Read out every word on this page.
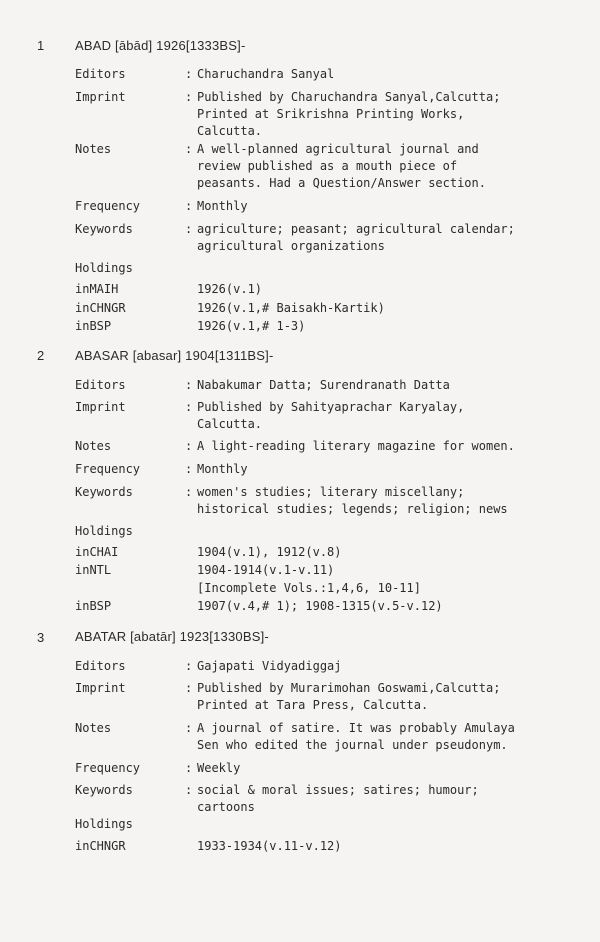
1 ABAD [ābād] 1926[1333BS]-
Editors	: Charuchandra Sanyal
Imprint	: Published by Charuchandra Sanyal,Calcutta;
Printed at Srikrishna Printing Works,
Calcutta.
Notes	: A well-planned agricultural journal and
review published as a mouth piece of
peasants. Had a Question/Answer section.
Frequency	: Monthly
Keywords	: agriculture; peasant; agricultural calendar;
agricultural organizations
Holdings
inMAIH	1926(v.1)
inCHNGR	1926(v.1,# Baisakh-Kartik)
inBSP	1926(v.1,# 1-3)
2 ABASAR [abasar] 1904[1311BS]-
Editors	: Nabakumar Datta; Surendranath Datta
Imprint	: Published by Sahityaprachar Karyalay,
Calcutta.
Notes	: A light-reading literary magazine for women.
Frequency	: Monthly
Keywords	: women's studies; literary miscellany;
historical studies; legends; religion; news
Holdings
inCHAI	1904(v.1), 1912(v.8)
inNTL	1904-1914(v.1-v.11)
[Incomplete Vols.:1,4,6, 10-11]
inBSP	1907(v.4,# 1); 1908-1315(v.5-v.12)
3 ABATAR [abatār] 1923[1330BS]-
Editors	: Gajapati Vidyadiggaj
Imprint	: Published by Murarimohan Goswami,Calcutta;
Printed at Tara Press, Calcutta.
Notes	: A journal of satire. It was probably Amulaya
Sen who edited the journal under pseudonym.
Frequency	: Weekly
Keywords	: social & moral issues; satires; humour;
cartoons
Holdings
inCHNGR	1933-1934(v.11-v.12)
